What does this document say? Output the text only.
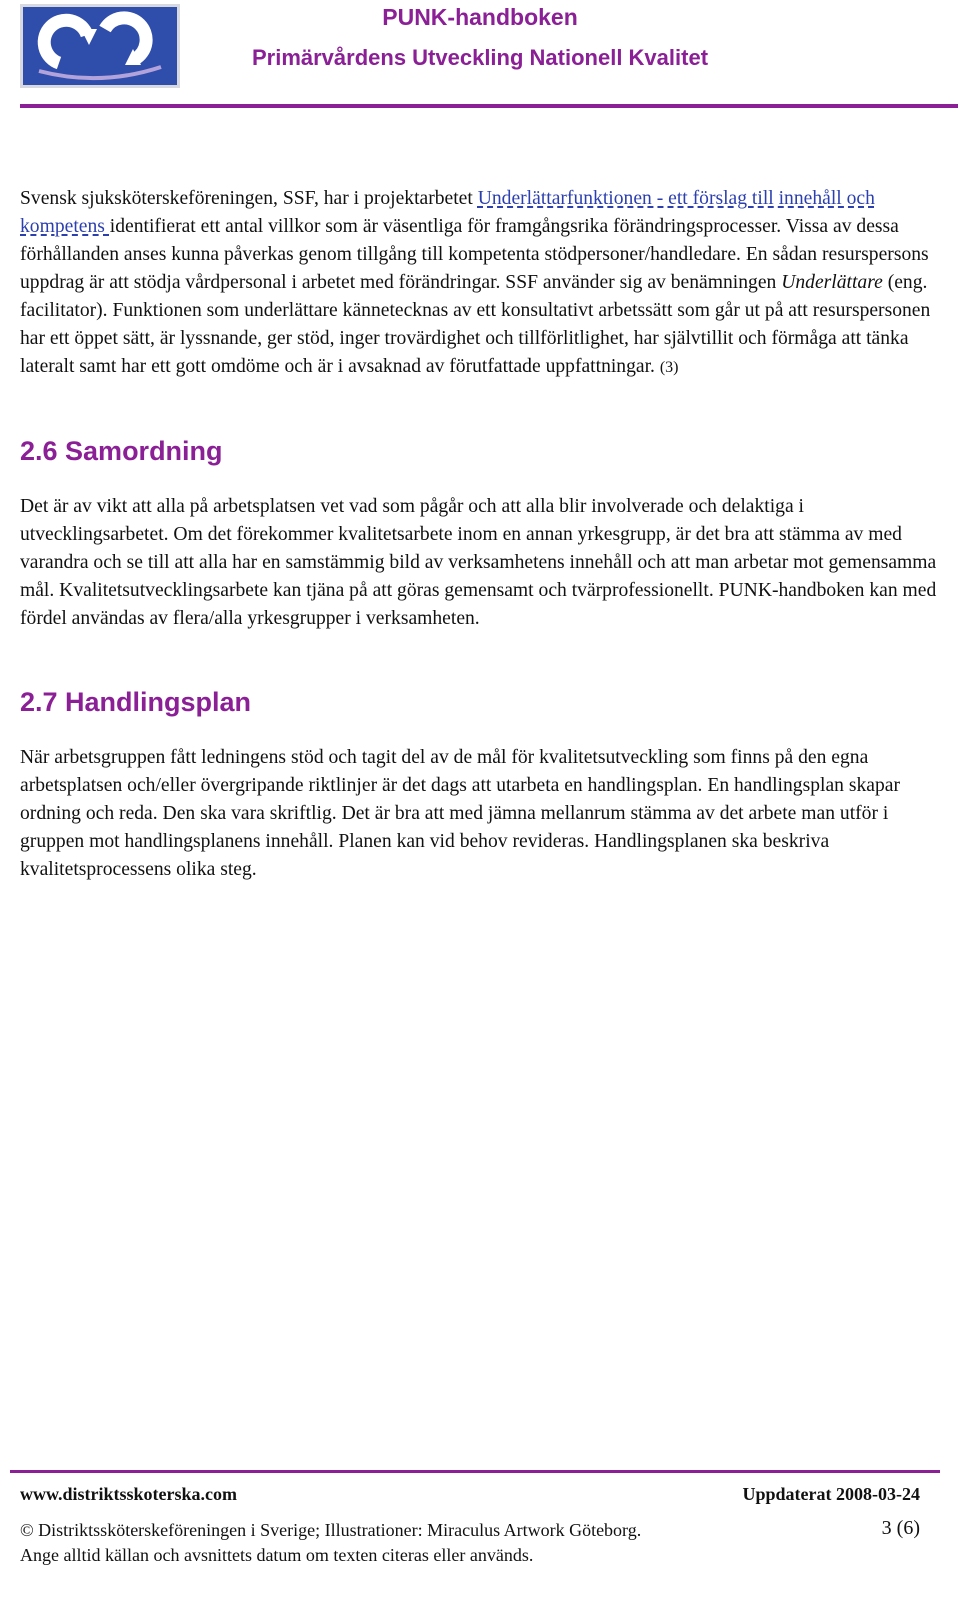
PUNK-handboken
Primärvårdens Utveckling Nationell Kvalitet

Svensk sjuksköterskeföreningen, SSF, har i projektarbetet Underlättarfunktionen - ett förslag till innehåll och kompetens identifierat ett antal villkor som är väsentliga för framgångsrika förändringsprocesser. Vissa av dessa förhållanden anses kunna påverkas genom tillgång till kompetenta stödpersoner/handledare. En sådan resurspersons uppdrag är att stödja vårdpersonal i arbetet med förändringar. SSF använder sig av benämningen Underlättare (eng. facilitator). Funktionen som underlättare kännetecknas av ett konsultativt arbetssätt som går ut på att resurspersonen har ett öppet sätt, är lyssnande, ger stöd, inger trovärdighet och tillförlitlighet, har självtillit och förmåga att tänka lateralt samt har ett gott omdöme och är i avsaknad av förutfattade uppfattningar. (3)

2.6 Samordning

Det är av vikt att alla på arbetsplatsen vet vad som pågår och att alla blir involverade och delaktiga i utvecklingsarbetet. Om det förekommer kvalitetsarbete inom en annan yrkesgrupp, är det bra att stämma av med varandra och se till att alla har en samstämmig bild av verksamhetens innehåll och att man arbetar mot gemensamma mål. Kvalitetsutvecklingsarbete kan tjäna på att göras gemensamt och tvärprofessionellt. PUNK-handboken kan med fördel användas av flera/alla yrkesgrupper i verksamheten.

2.7 Handlingsplan

När arbetsgruppen fått ledningens stöd och tagit del av de mål för kvalitetsutveckling som finns på den egna arbetsplatsen och/eller övergripande riktlinjer är det dags att utarbeta en handlingsplan. En handlingsplan skapar ordning och reda. Den ska vara skriftlig. Det är bra att med jämna mellanrum stämma av det arbete man utför i gruppen mot handlingsplanens innehåll. Planen kan vid behov revideras. Handlingsplanen ska beskriva kvalitetsprocessens olika steg.

www.distriktsskoterska.com	Uppdaterat 2008-03-24
© Distriktssköterskeföreningen i Sverige; Illustrationer: Miraculus Artwork Göteborg.
Ange alltid källan och avsnittets datum om texten citeras eller används.
3 (6)
